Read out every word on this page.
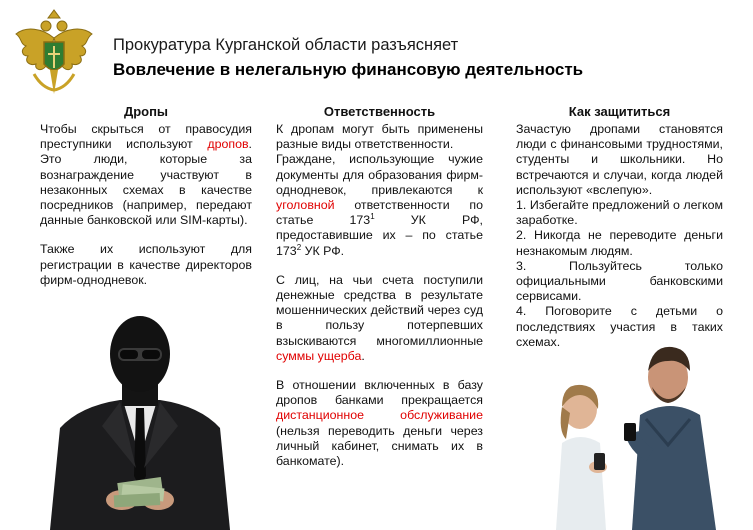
Прокуратура Курганской области разъясняет
Вовлечение в нелегальную финансовую деятельность
Дропы

Чтобы скрыться от правосудия преступники используют дропов. Это люди, которые за вознаграждение участвуют в незаконных схемах в качестве посредников (например, передают данные банковской или SIM-карты).

Также их используют для регистрации в качестве директоров фирм-однодневок.

Ответственность

К дропам могут быть применены разные виды ответственности.

Граждане, использующие чужие документы для образования фирм-однодневок, привлекаются к уголовной ответственности по статье $173^1$ УК РФ, предоставившие их – по статье $173^2$ УК РФ.

С лиц, на чьи счета поступили денежные средства в результате мошеннических действий через суд в пользу потерпевших взыскиваются многомиллионные суммы ущерба.

В отношении включенных в базу дропов банками прекращается дистанционное обслуживание (нельзя переводить деньги через личный кабинет, снимать их в банкомате).

Как защититься

Зачастую дропами становятся люди с финансовыми трудностями, студенты и школьники. Но встречаются и случаи, когда людей используют «вслепую».

1. Избегайте предложений о легком заработке.

2. Никогда не переводите деньги незнакомым людям.

3. Пользуйтесь только официальными банковскими сервисами.

4. Поговорите с детьми о последствиях участия в таких схемах.
